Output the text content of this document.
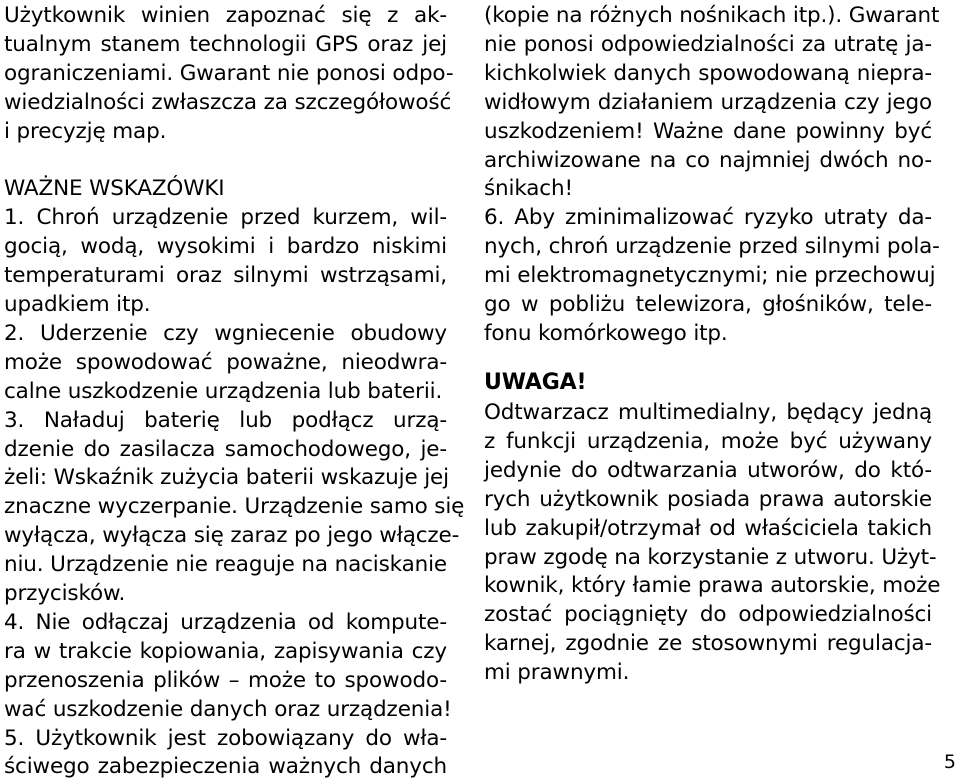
Użytkownik winien zapoznać się z ak-
tualnym stanem technologii GPS oraz jej
ograniczeniami. Gwarant nie ponosi odpo-
wiedzialności zwłaszcza za szczegółowość
i precyzję map.
WAŻNE WSKAZÓWKI
1. Chroń urządzenie przed kurzem, wil-
gocią, wodą, wysokimi i bardzo niskimi
temperaturami oraz silnymi wstrząsami,
upadkiem itp.
2. Uderzenie czy wgniecenie obudowy
może spowodować poważne, nieodwra-
calne uszkodzenie urządzenia lub baterii.
3. Naładuj baterię lub podłącz urzą-
dzenie do zasilacza samochodowego, je-
żeli: Wskaźnik zużycia baterii wskazuje jej
znaczne wyczerpanie. Urządzenie samo się
wyłącza, wyłącza się zaraz po jego włącze-
niu. Urządzenie nie reaguje na naciskanie
przycisków.
4. Nie odłączaj urządzenia od kompute-
ra w trakcie kopiowania, zapisywania czy
przenoszenia plików – może to spowodo-
wać uszkodzenie danych oraz urządzenia!
5. Użytkownik jest zobowiązany do wła-
ściwego zabezpieczenia ważnych danych
(kopie na różnych nośnikach itp.). Gwarant
nie ponosi odpowiedzialności za utratę ja-
kichkolwiek danych spowodowaną niepra-
widłowym działaniem urządzenia czy jego
uszkodzeniem! Ważne dane powinny być
archiwizowane na co najmniej dwóch no-
śnikach!
6. Aby zminimalizować ryzyko utraty da-
nych, chroń urządzenie przed silnymi pola-
mi elektromagnetycznymi; nie przechowuj
go w pobliżu telewizora, głośników, tele-
fonu komórkowego itp.
UWAGA!
Odtwarzacz multimedialny, będący jedną
z funkcji urządzenia, może być używany
jedynie do odtwarzania utworów, do któ-
rych użytkownik posiada prawa autorskie
lub zakupił/otrzymał od właściciela takich
praw zgodę na korzystanie z utworu. Użyt-
kownik, który łamie prawa autorskie, może
zostać pociągnięty do odpowiedzialności
karnej, zgodnie ze stosownymi regulacja-
mi prawnymi.
5
